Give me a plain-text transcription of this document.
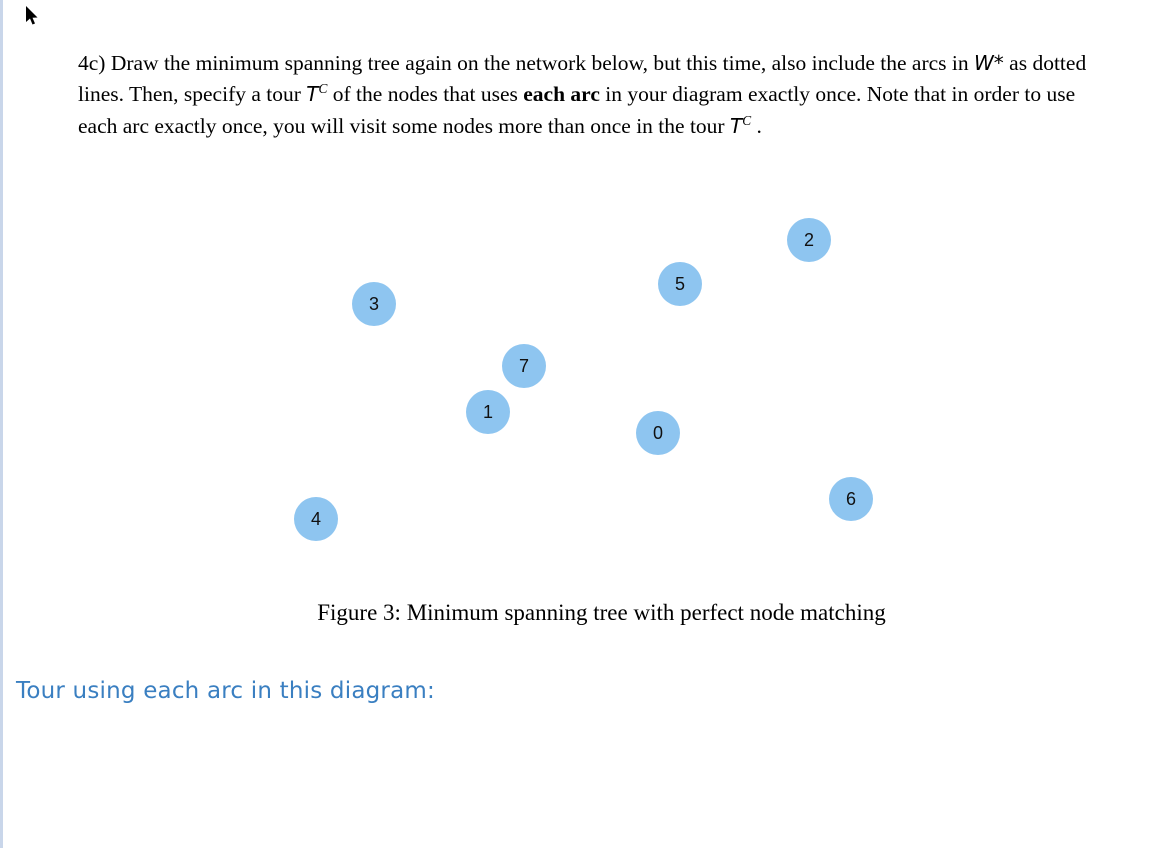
4c) Draw the minimum spanning tree again on the network below, but this time, also include the arcs in W* as dotted lines. Then, specify a tour $T^C$ of the nodes that uses each arc in your diagram exactly once. Note that in order to use each arc exactly once, you will visit some nodes more than once in the tour $T^C$ .
2
5
3
7
1
0
6
4
Figure 3: Minimum spanning tree with perfect node matching
Tour using each arc in this diagram:
